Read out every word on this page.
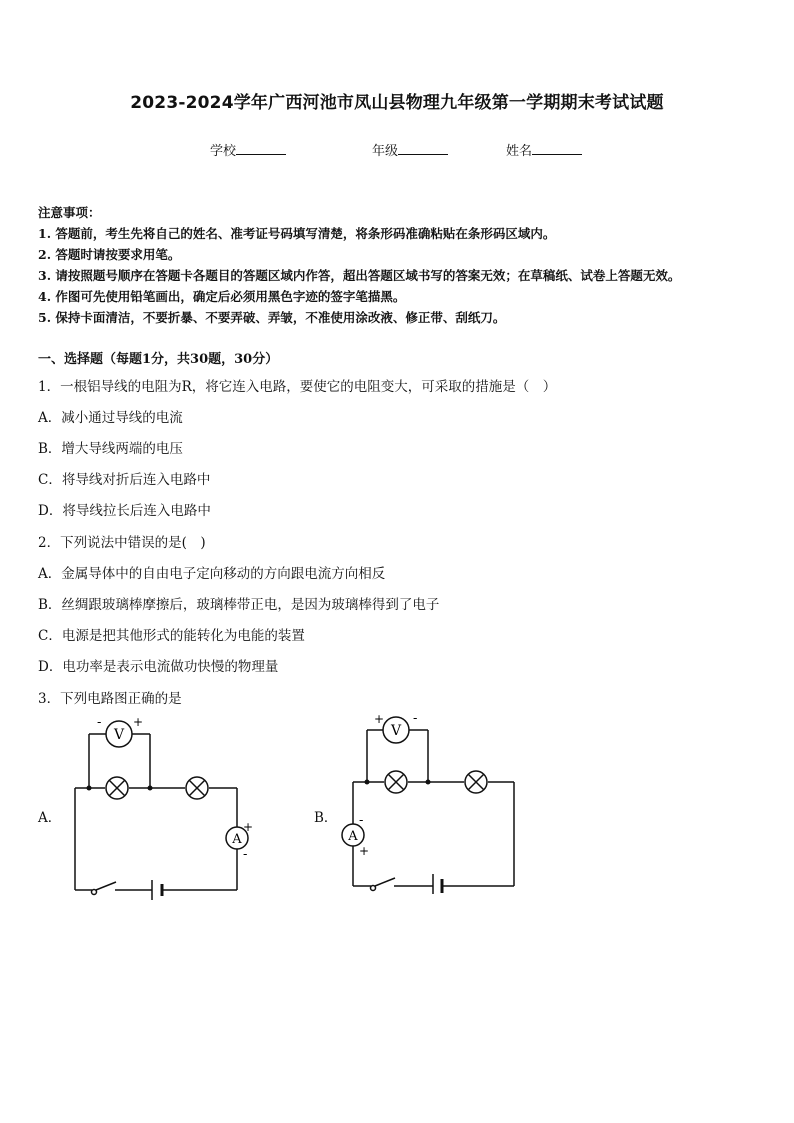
2023-2024学年广西河池市凤山县物理九年级第一学期期末考试试题
学校	年级	姓名
注意事项：
1. 答题前，考生先将自己的姓名、准考证号码填写清楚，将条形码准确粘贴在条形码区域内。
2. 答题时请按要求用笔。
3. 请按照题号顺序在答题卡各题目的答题区域内作答，超出答题区域书写的答案无效；在草稿纸、试卷上答题无效。
4. 作图可先使用铅笔画出，确定后必须用黑色字迹的签字笔描黑。
5. 保持卡面清洁，不要折暴、不要弄破、弄皱，不准使用涂改液、修正带、刮纸刀。
一、选择题（每题1分，共30题，30分）
1．一根铝导线的电阻为R，将它连入电路，要使它的电阻变大，可采取的措施是（　）
A．减小通过导线的电流
B．增大导线两端的电压
C．将导线对折后连入电路中
D．将导线拉长后连入电路中
2．下列说法中错误的是(　)
A．金属导体中的自由电子定向移动的方向跟电流方向相反
B．丝绸跟玻璃棒摩擦后，玻璃棒带正电，是因为玻璃棒得到了电子
C．电源是把其他形式的能转化为电能的装置
D．电功率是表示电流做功快慢的物理量
3．下列电路图正确的是
A．
V
-	+
A
+
-
B．
V
+ -
A
-
+
